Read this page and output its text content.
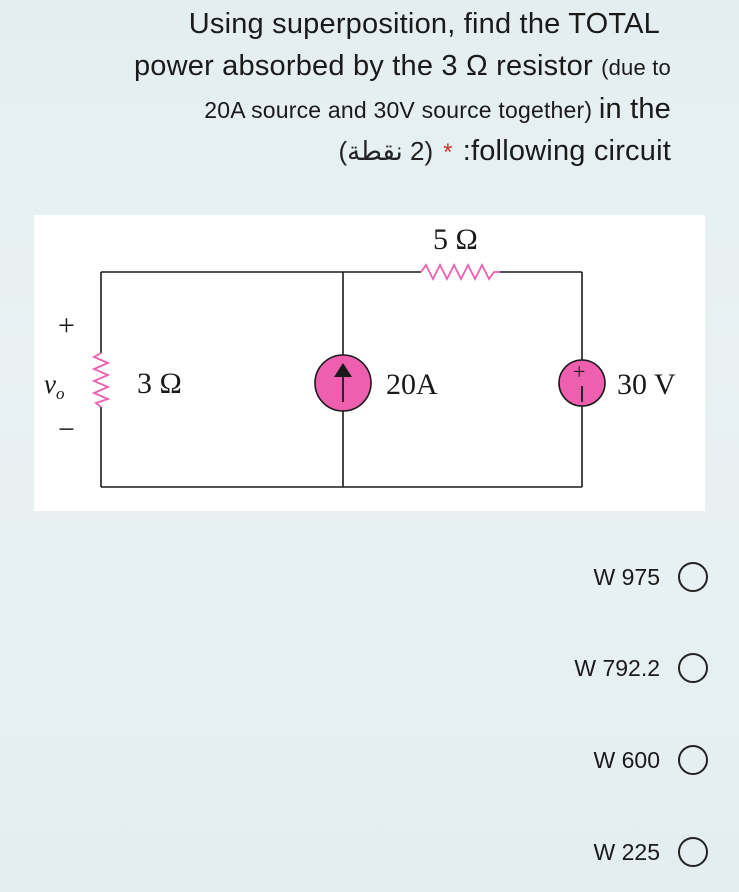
Using superposition, find the TOTAL
power absorbed by the 3 Ω resistor (due to
20A source and 30V source together) in the
(2 نقطة) * :following circuit
5 Ω
3 Ω
+
v o
−
20A	+ 30 V
W 975
W 792.2
W 600
W 225
